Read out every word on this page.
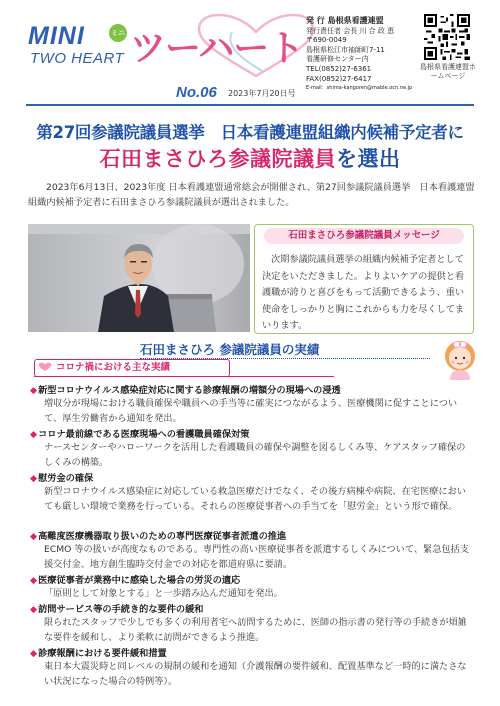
MINI	ミニ
TWO HEART ツーハート
No.06 2023年7月20日号
発 行 島根県看護連盟
発行責任者 会長 川 合 政 恵
〒690-0049
島根県松江市袖師町7-11
看護研修センター内
TEL(0852)27-6361
FAX(0852)27-6417
E-mail：shima-kangoren@mable.ocn.ne.jp
島根県看護連盟ホームページ
第27回参議院議員選挙　日本看護連盟組織内候補予定者に
石田まさひろ参議院議員を選出
2023年6月13日、2023年度 日本看護連盟通常総会が開催され、第27回参議院議員選挙　日本看護連盟組織内候補予定者に石田まさひろ参議院議員が選出されました。
石田まさひろ参議院議員メッセージ
次期参議院議員選挙の組織内候補予定者として決定をいただきました。よりよいケアの提供と看護職が誇りと喜びをもって活動できるよう、重い使命をしっかりと胸にこれからも力を尽くしてまいります。
石田まさひろ 参議院議員の実績
コロナ禍における主な実績
◆新型コロナウイルス感染症対応に関する診療報酬の増額分の現場への浸透
増収分が現場における職員確保や職員への手当等に確実につながるよう、医療機関に促すことについて、厚生労働省から通知を発出。
◆コロナ最前線である医療現場への看護職員確保対策
ナースセンターやハローワークを活用した看護職員の確保や調整を図るしくみ等、ケアスタッフ確保のしくみの構築。
◆慰労金の確保
新型コロナウイルス感染症に対応している救急医療だけでなく、その後方病棟や病院、在宅医療においても厳しい環境で業務を行っている。それらの医療従事者への手当てを「慰労金」という形で確保。
◆高難度医療機器取り扱いのための専門医療従事者派遣の推進
ECMO 等の扱いが高度なものである。専門性の高い医療従事者を派遣するしくみについて、緊急包括支援交付金、地方創生臨時交付金での対応を都道府県に要請。
◆医療従事者が業務中に感染した場合の労災の適応
「原則として対象とする」と一歩踏み込んだ通知を発出。
◆訪問サービス等の手続き的な要件の緩和
限られたスタッフで少しでも多くの利用者宅へ訪問するために、医師の指示書の発行等の手続きが煩雑な要件を緩和し、より柔軟に訪問ができるよう推進。
◆診療報酬における要件緩和措置
東日本大震災時と同レベルの規制の緩和を通知（介護報酬の要件緩和、配置基準など一時的に満たさない状況になった場合の特例等）。
